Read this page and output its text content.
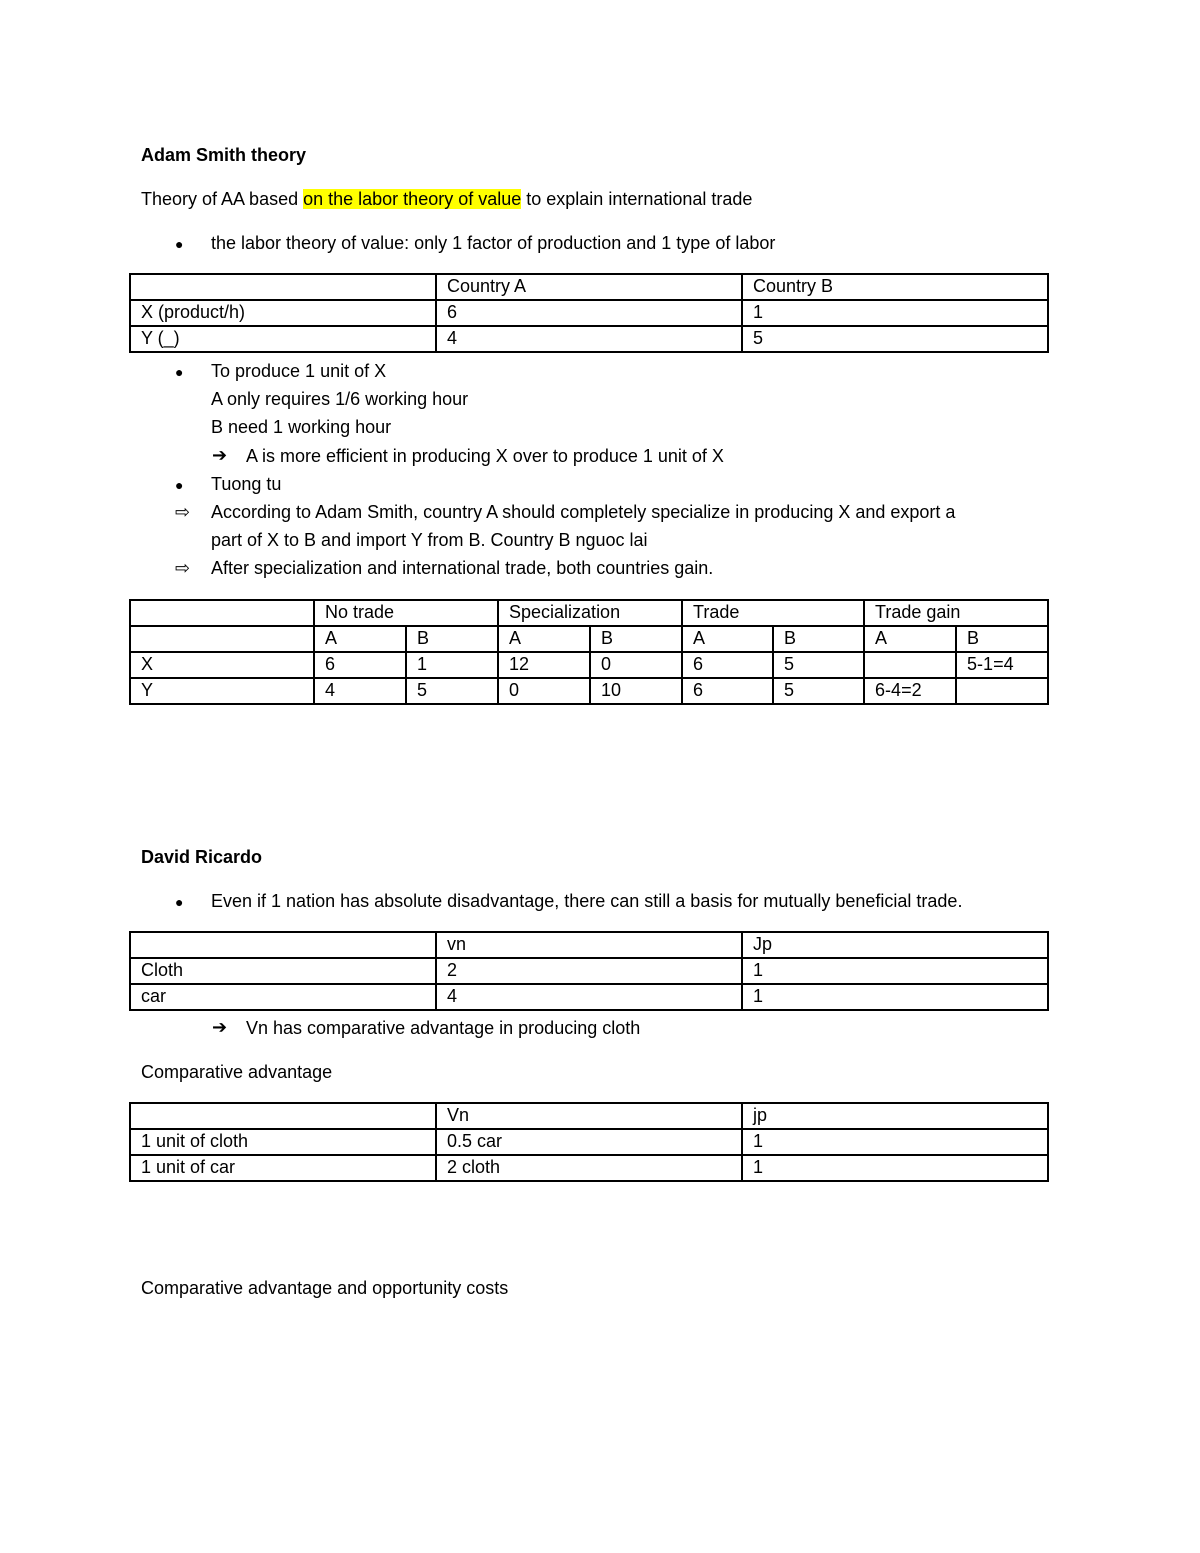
Adam Smith theory
Theory of AA based on the labor theory of value to explain international trade
● the labor theory of value: only 1 factor of production and 1 type of labor
	Country A	Country B
X (product/h)	6	1
Y (_)	4	5
● To produce 1 unit of X
A only requires 1/6 working hour
B need 1 working hour
➔ A is more efficient in producing X over to produce 1 unit of X
● Tuong tu
⇨ According to Adam Smith, country A should completely specialize in producing X and export a
part of X to B and import Y from B. Country B nguoc lai
⇨ After specialization and international trade, both countries gain.
	No trade		Specialization		Trade		Trade gain	
	A	B	A	B	A	B	A	B
X	6	1	12	0	6	5		5-1=4
Y	4	5	0	10	6	5	6-4=2	
David Ricardo
● Even if 1 nation has absolute disadvantage, there can still a basis for mutually beneficial trade.
	vn	Jp
Cloth	2	1
car	4	1
➔ Vn has comparative advantage in producing cloth
Comparative advantage
	Vn	jp
1 unit of cloth	0.5 car	1
1 unit of car	2 cloth	1
Comparative advantage and opportunity costs
